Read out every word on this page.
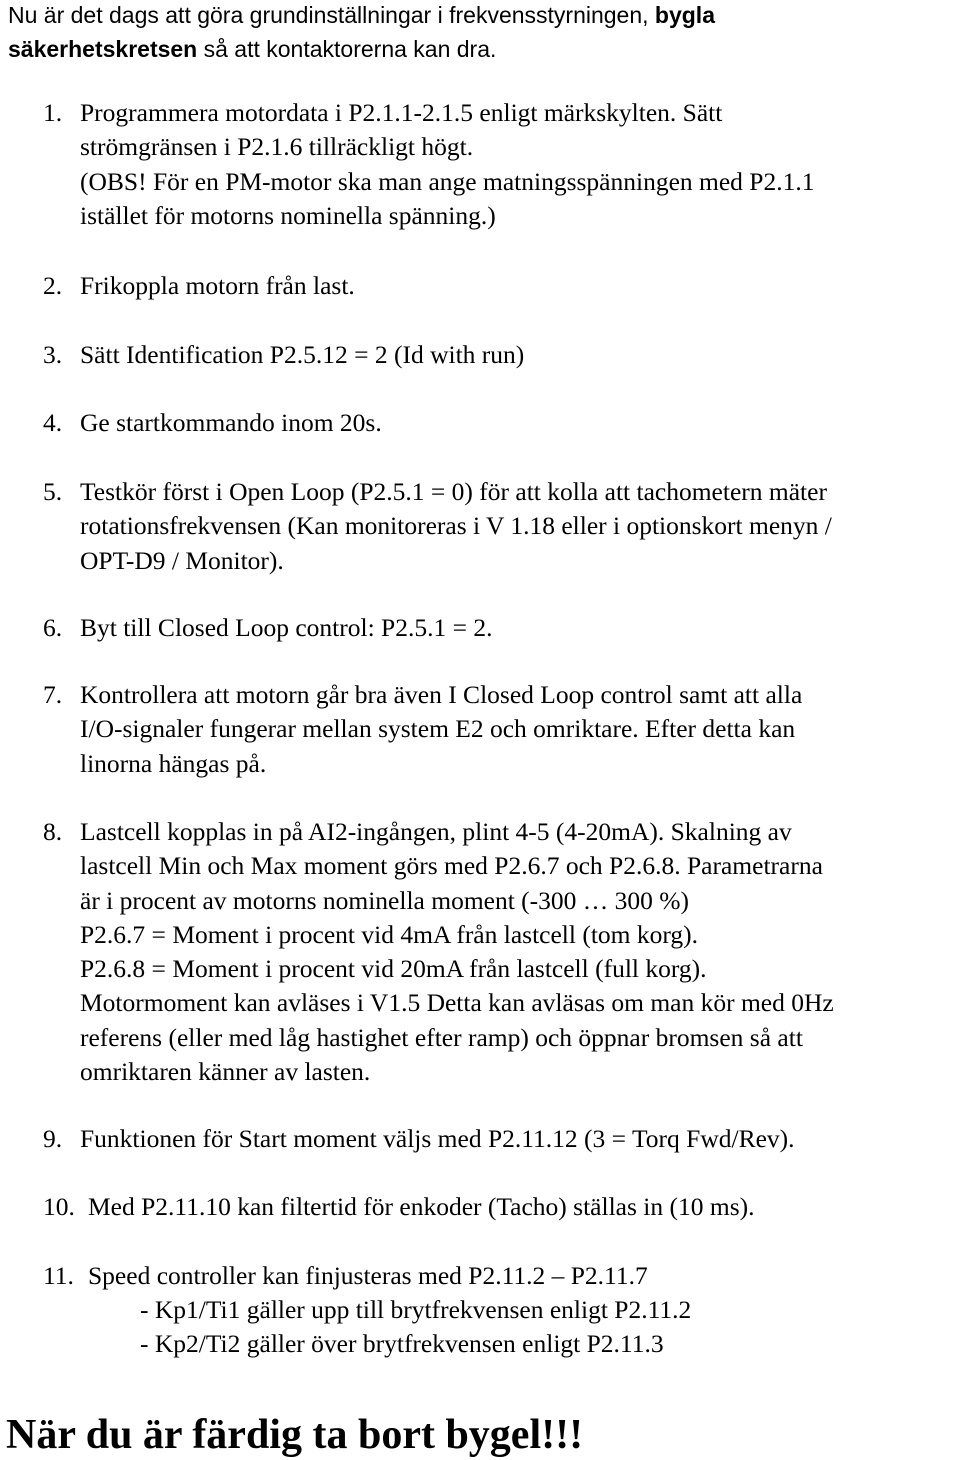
Nu är det dags att göra grundinställningar i frekvensstyrningen, bygla
säkerhetskretsen så att kontaktorerna kan dra.
1. Programmera motordata i P2.1.1-2.1.5 enligt märkskylten. Sätt
strömgränsen i P2.1.6 tillräckligt högt.
(OBS! För en PM-motor ska man ange matningsspänningen med P2.1.1
istället för motorns nominella spänning.)
2. Frikoppla motorn från last.
3. Sätt Identification P2.5.12 = 2 (Id with run)
4. Ge startkommando inom 20s.
5. Testkör först i Open Loop (P2.5.1 = 0) för att kolla att tachometern mäter
rotationsfrekvensen (Kan monitoreras i V 1.18 eller i optionskort menyn /
OPT-D9 / Monitor).
6. Byt till Closed Loop control: P2.5.1 = 2.
7. Kontrollera att motorn går bra även I Closed Loop control samt att alla
I/O-signaler fungerar mellan system E2 och omriktare. Efter detta kan
linorna hängas på.
8. Lastcell kopplas in på AI2-ingången, plint 4-5 (4-20mA). Skalning av
lastcell Min och Max moment görs med P2.6.7 och P2.6.8. Parametrarna
är i procent av motorns nominella moment (-300 … 300 %)
P2.6.7 = Moment i procent vid 4mA från lastcell (tom korg).
P2.6.8 = Moment i procent vid 20mA från lastcell (full korg).
Motormoment kan avläses i V1.5 Detta kan avläsas om man kör med 0Hz
referens (eller med låg hastighet efter ramp) och öppnar bromsen så att
omriktaren känner av lasten.
9. Funktionen för Start moment väljs med P2.11.12 (3 = Torq Fwd/Rev).
10. Med P2.11.10 kan filtertid för enkoder (Tacho) ställas in (10 ms).
11. Speed controller kan finjusteras med P2.11.2 – P2.11.7
- Kp1/Ti1 gäller upp till brytfrekvensen enligt P2.11.2
- Kp2/Ti2 gäller över brytfrekvensen enligt P2.11.3
När du är färdig ta bort bygel!!!
